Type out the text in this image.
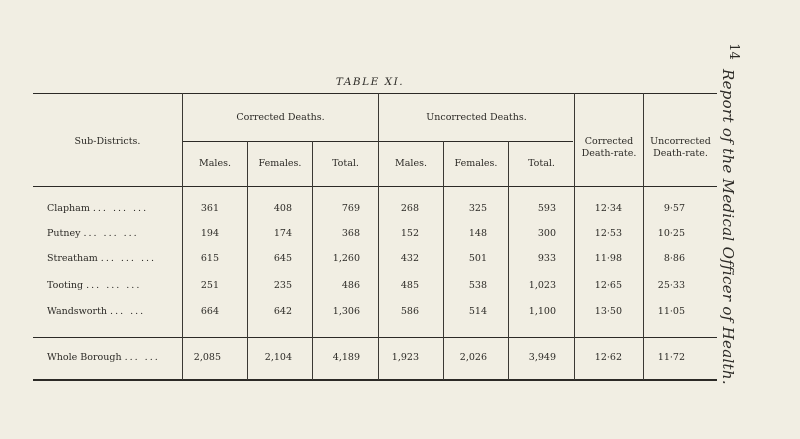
14
Report of the Medical Officer of Health.
TABLE XI.
Sub-Districts.
Corrected Deaths.	Uncorrected Deaths.
Corrected
Death-rate.
Uncorrected
Death-rate.
Males.	Females.	Total.	Males.	Females.	Total.
Clapham ... ... ...	361	408	769	268	325	593	12·34	9·57
Putney ... ... ...	194	174	368	152	148	300	12·53	10·25
Streatham ... ... ...	615	645	1,260	432	501	933	11·98	8·86
Tooting ... ... ...	251	235	486	485	538	1,023	12·65	25·33
Wandsworth ... ...	664	642	1,306	586	514	1,100	13·50	11·05
Whole Borough ... ...	2,085	2,104	4,189	1,923	2,026	3,949	12·62	11·72
